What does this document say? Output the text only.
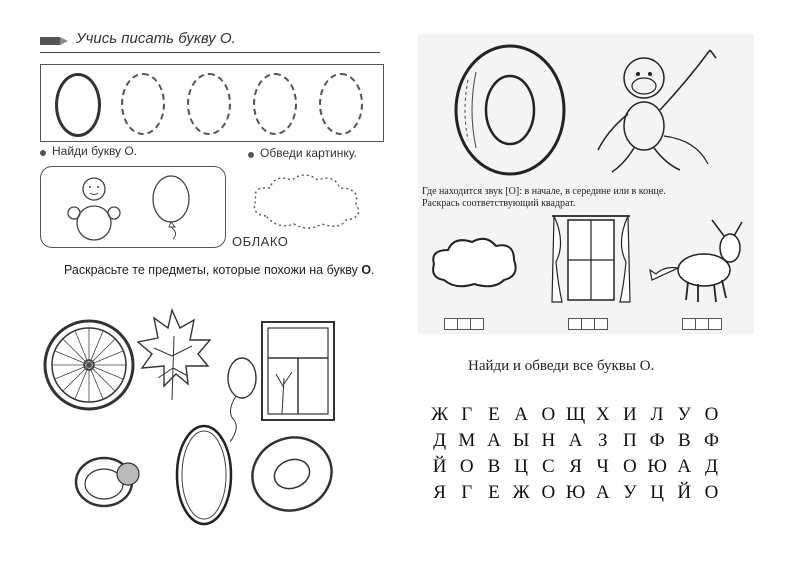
Учись писать букву О.
Найди букву О.	Обведи картинку.
ОБЛАКО
Раскрасьте те предметы, которые похожи на букву О.
Где находится звук [О]: в начале, в середине или в конце.
Раскрась соответствующий квадрат.
Найди и обведи все буквы О.
Ж Г Е А О Щ Х И Л У О
Д М А Ы Н А З П Ф В Ф
Й О В Ц С Я Ч О Ю А Д
Я Г Е Ж О Ю А У Ц Й О
